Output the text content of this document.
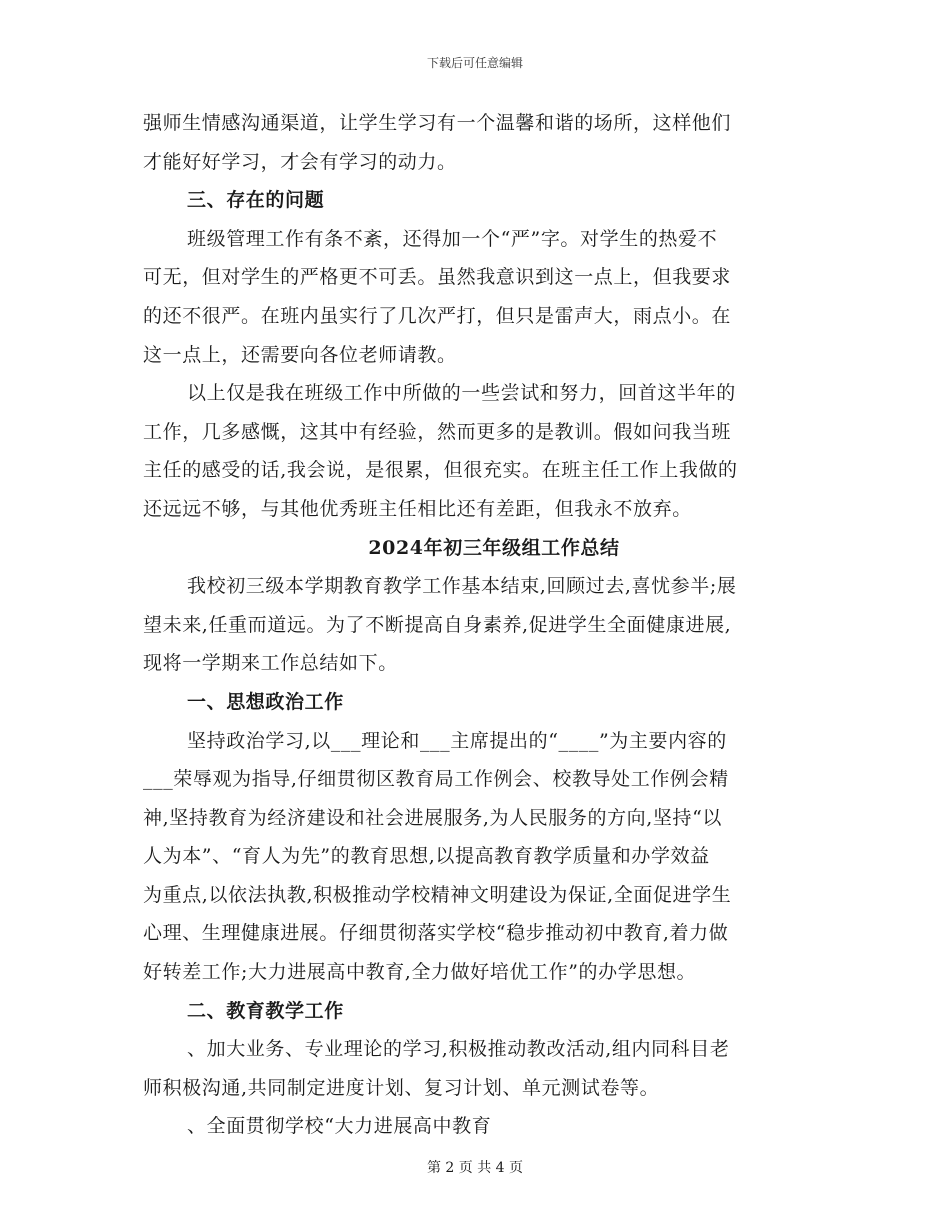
下载后可任意编辑
强师生情感沟通渠道，让学生学习有一个温馨和谐的场所，这样他们
才能好好学习，才会有学习的动力。
三、存在的问题
班级管理工作有条不紊，还得加一个“严”字。对学生的热爱不
可无，但对学生的严格更不可丢。虽然我意识到这一点上，但我要求
的还不很严。在班内虽实行了几次严打，但只是雷声大，雨点小。在
这一点上，还需要向各位老师请教。
以上仅是我在班级工作中所做的一些尝试和努力，回首这半年的
工作，几多感慨，这其中有经验，然而更多的是教训。假如问我当班
主任的感受的话,我会说，是很累，但很充实。在班主任工作上我做的
还远远不够，与其他优秀班主任相比还有差距，但我永不放弃。
2024年初三年级组工作总结
我校初三级本学期教育教学工作基本结束,回顾过去,喜忧参半;展
望未来,任重而道远。为了不断提高自身素养,促进学生全面健康进展,
现将一学期来工作总结如下。
一、思想政治工作
坚持政治学习,以___理论和___主席提出的“____”为主要内容的
___荣辱观为指导,仔细贯彻区教育局工作例会、校教导处工作例会精
神,坚持教育为经济建设和社会进展服务,为人民服务的方向,坚持“以
人为本”、“育人为先”的教育思想,以提高教育教学质量和办学效益
为重点,以依法执教,积极推动学校精神文明建设为保证,全面促进学生
心理、生理健康进展。仔细贯彻落实学校“稳步推动初中教育,着力做
好转差工作;大力进展高中教育,全力做好培优工作”的办学思想。
二、教育教学工作
、加大业务、专业理论的学习,积极推动教改活动,组内同科目老
师积极沟通,共同制定进度计划、复习计划、单元测试卷等。
、全面贯彻学校“大力进展高中教育
第 2 页 共 4 页
